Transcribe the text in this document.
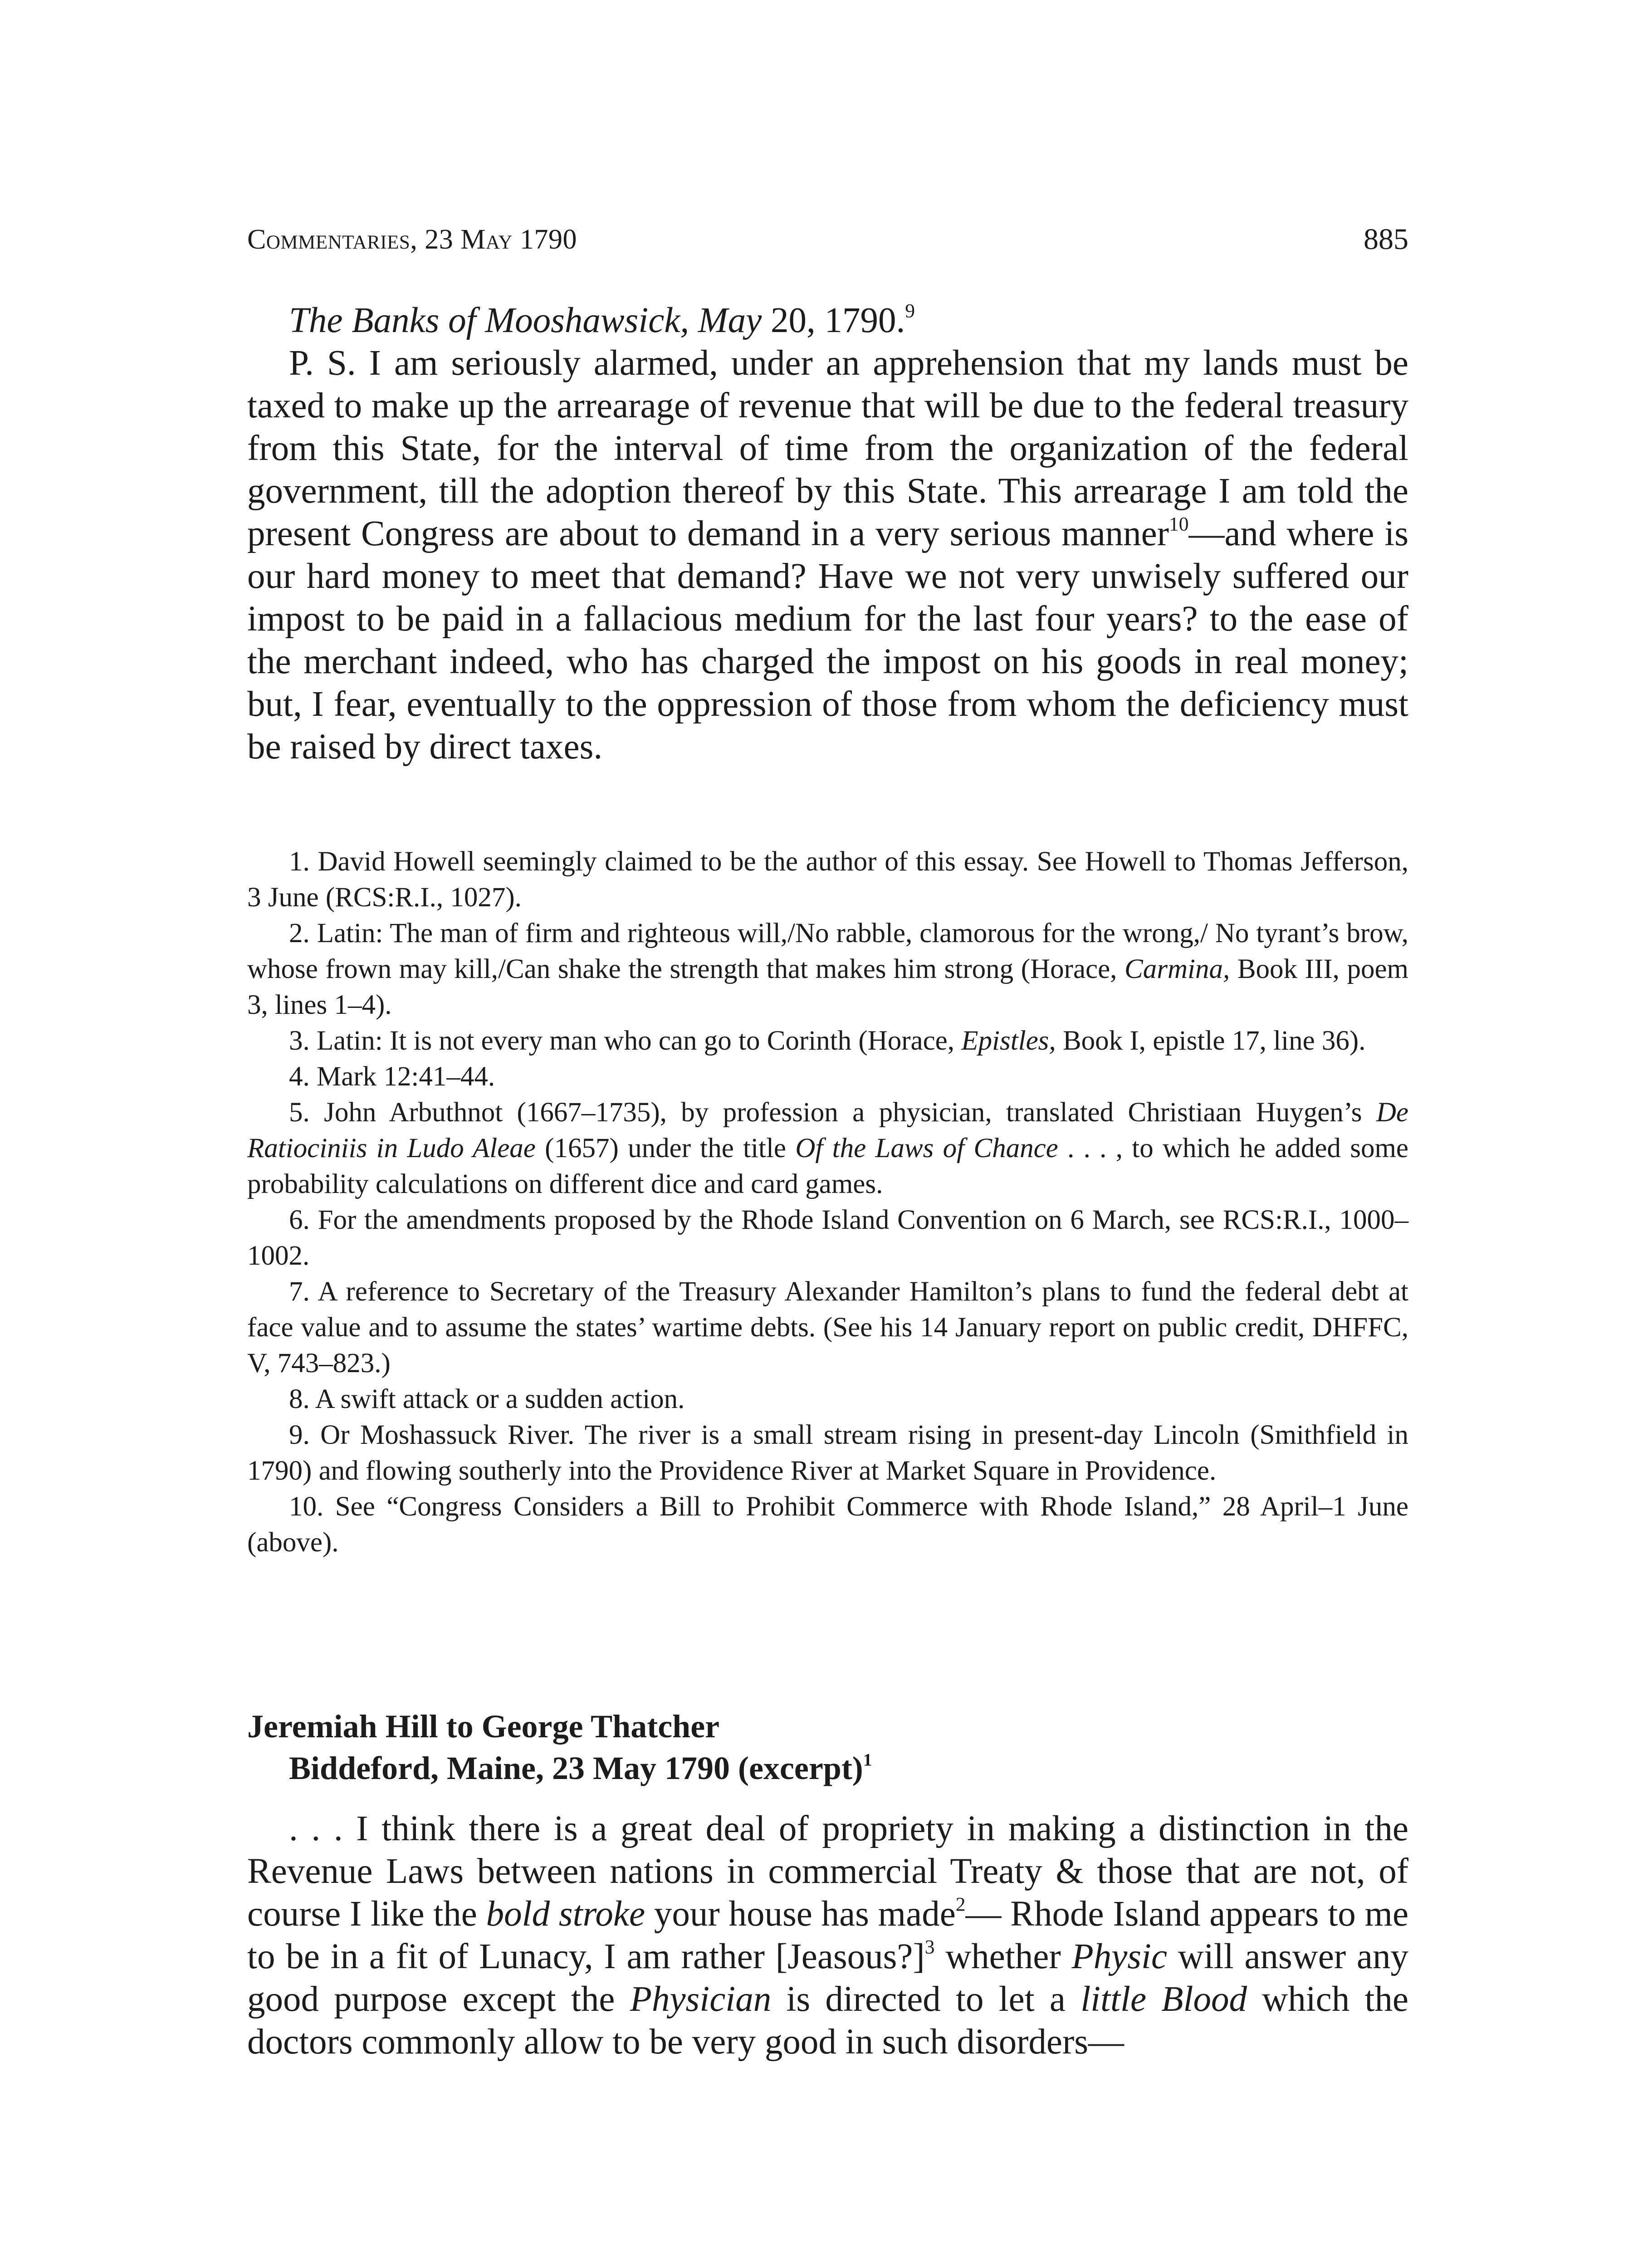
Commentaries, 23 May 1790	885

The Banks of Mooshawsick, May 20, 1790.$^9$

P. S. I am seriously alarmed, under an apprehension that my lands must be taxed to make up the arrearage of revenue that will be due to the federal treasury from this State, for the interval of time from the organization of the federal government, till the adoption thereof by this State. This arrearage I am told the present Congress are about to demand in a very serious manner$^{10}$—and where is our hard money to meet that demand? Have we not very unwisely suffered our impost to be paid in a fallacious medium for the last four years? to the ease of the merchant indeed, who has charged the impost on his goods in real money; but, I fear, eventually to the oppression of those from whom the deficiency must be raised by direct taxes.

1. David Howell seemingly claimed to be the author of this essay. See Howell to Thomas Jefferson, 3 June (RCS:R.I., 1027).

2. Latin: The man of firm and righteous will,/No rabble, clamorous for the wrong,/ No tyrant’s brow, whose frown may kill,/Can shake the strength that makes him strong (Horace, Carmina, Book III, poem 3, lines 1–4).

3. Latin: It is not every man who can go to Corinth (Horace, Epistles, Book I, epistle 17, line 36).

4. Mark 12:41–44.

5. John Arbuthnot (1667–1735), by profession a physician, translated Christiaan Huygen’s De Ratiociniis in Ludo Aleae (1657) under the title Of the Laws of Chance . . . , to which he added some probability calculations on different dice and card games.

6. For the amendments proposed by the Rhode Island Convention on 6 March, see RCS:R.I., 1000–1002.

7. A reference to Secretary of the Treasury Alexander Hamilton’s plans to fund the federal debt at face value and to assume the states’ wartime debts. (See his 14 January report on public credit, DHFFC, V, 743–823.)

8. A swift attack or a sudden action.

9. Or Moshassuck River. The river is a small stream rising in present-day Lincoln (Smithfield in 1790) and flowing southerly into the Providence River at Market Square in Providence.

10. See “Congress Considers a Bill to Prohibit Commerce with Rhode Island,” 28 April–1 June (above).

Jeremiah Hill to George Thatcher
Biddeford, Maine, 23 May 1790 (excerpt)$^1$

. . . I think there is a great deal of propriety in making a distinction in the Revenue Laws between nations in commercial Treaty & those that are not, of course I like the bold stroke your house has made$^2$— Rhode Island appears to me to be in a fit of Lunacy, I am rather [Jeasous?]$^3$ whether Physic will answer any good purpose except the Physician is directed to let a little Blood which the doctors commonly allow to be very good in such disorders—
